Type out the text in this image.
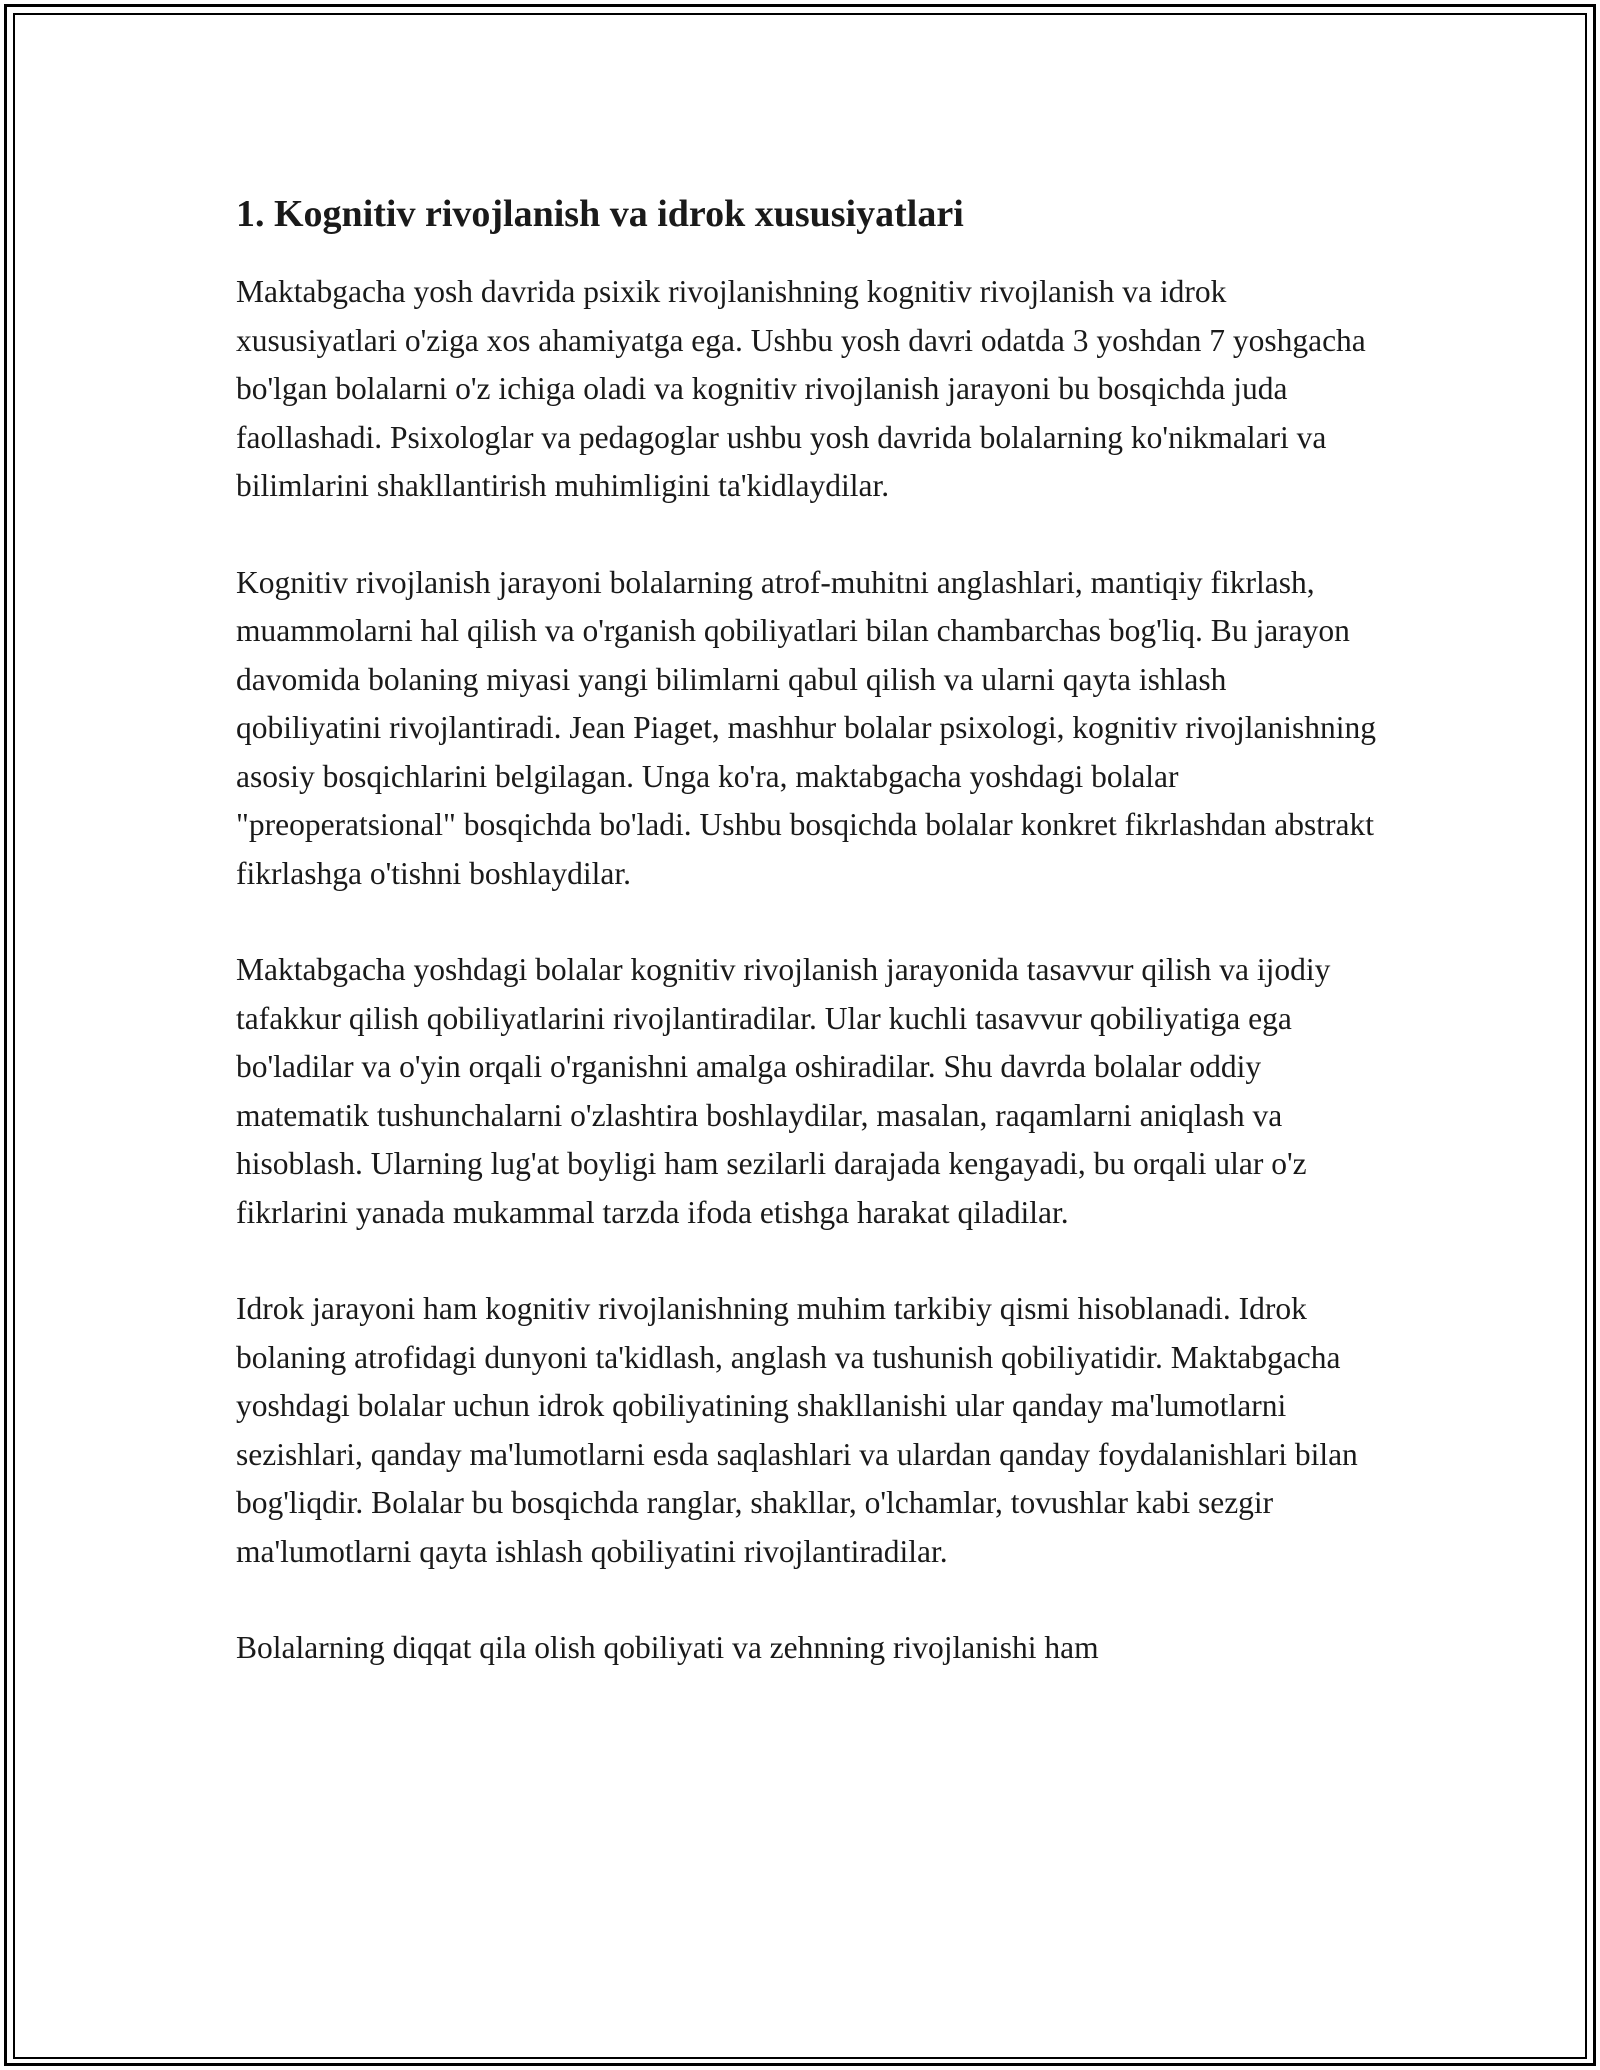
1. Kognitiv rivojlanish va idrok xususiyatlari

Maktabgacha yosh davrida psixik rivojlanishning kognitiv rivojlanish va idrok xususiyatlari o'ziga xos ahamiyatga ega. Ushbu yosh davri odatda 3 yoshdan 7 yoshgacha bo'lgan bolalarni o'z ichiga oladi va kognitiv rivojlanish jarayoni bu bosqichda juda faollashadi. Psixologlar va pedagoglar ushbu yosh davrida bolalarning ko'nikmalari va bilimlarini shakllantirish muhimligini ta'kidlaydilar.

Kognitiv rivojlanish jarayoni bolalarning atrof-muhitni anglashlari, mantiqiy fikrlash, muammolarni hal qilish va o'rganish qobiliyatlari bilan chambarchas bog'liq. Bu jarayon davomida bolaning miyasi yangi bilimlarni qabul qilish va ularni qayta ishlash qobiliyatini rivojlantiradi. Jean Piaget, mashhur bolalar psixologi, kognitiv rivojlanishning asosiy bosqichlarini belgilagan. Unga ko'ra, maktabgacha yoshdagi bolalar "preoperatsional" bosqichda bo'ladi. Ushbu bosqichda bolalar konkret fikrlashdan abstrakt fikrlashga o'tishni boshlaydilar.

Maktabgacha yoshdagi bolalar kognitiv rivojlanish jarayonida tasavvur qilish va ijodiy tafakkur qilish qobiliyatlarini rivojlantiradilar. Ular kuchli tasavvur qobiliyatiga ega bo'ladilar va o'yin orqali o'rganishni amalga oshiradilar. Shu davrda bolalar oddiy matematik tushunchalarni o'zlashtira boshlaydilar, masalan, raqamlarni aniqlash va hisoblash. Ularning lug'at boyligi ham sezilarli darajada kengayadi, bu orqali ular o'z fikrlarini yanada mukammal tarzda ifoda etishga harakat qiladilar.

Idrok jarayoni ham kognitiv rivojlanishning muhim tarkibiy qismi hisoblanadi. Idrok bolaning atrofidagi dunyoni ta'kidlash, anglash va tushunish qobiliyatidir. Maktabgacha yoshdagi bolalar uchun idrok qobiliyatining shakllanishi ular qanday ma'lumotlarni sezishlari, qanday ma'lumotlarni esda saqlashlari va ulardan qanday foydalanishlari bilan bog'liqdir. Bolalar bu bosqichda ranglar, shakllar, o'lchamlar, tovushlar kabi sezgir ma'lumotlarni qayta ishlash qobiliyatini rivojlantiradilar.

Bolalarning diqqat qila olish qobiliyati va zehnning rivojlanishi ham
